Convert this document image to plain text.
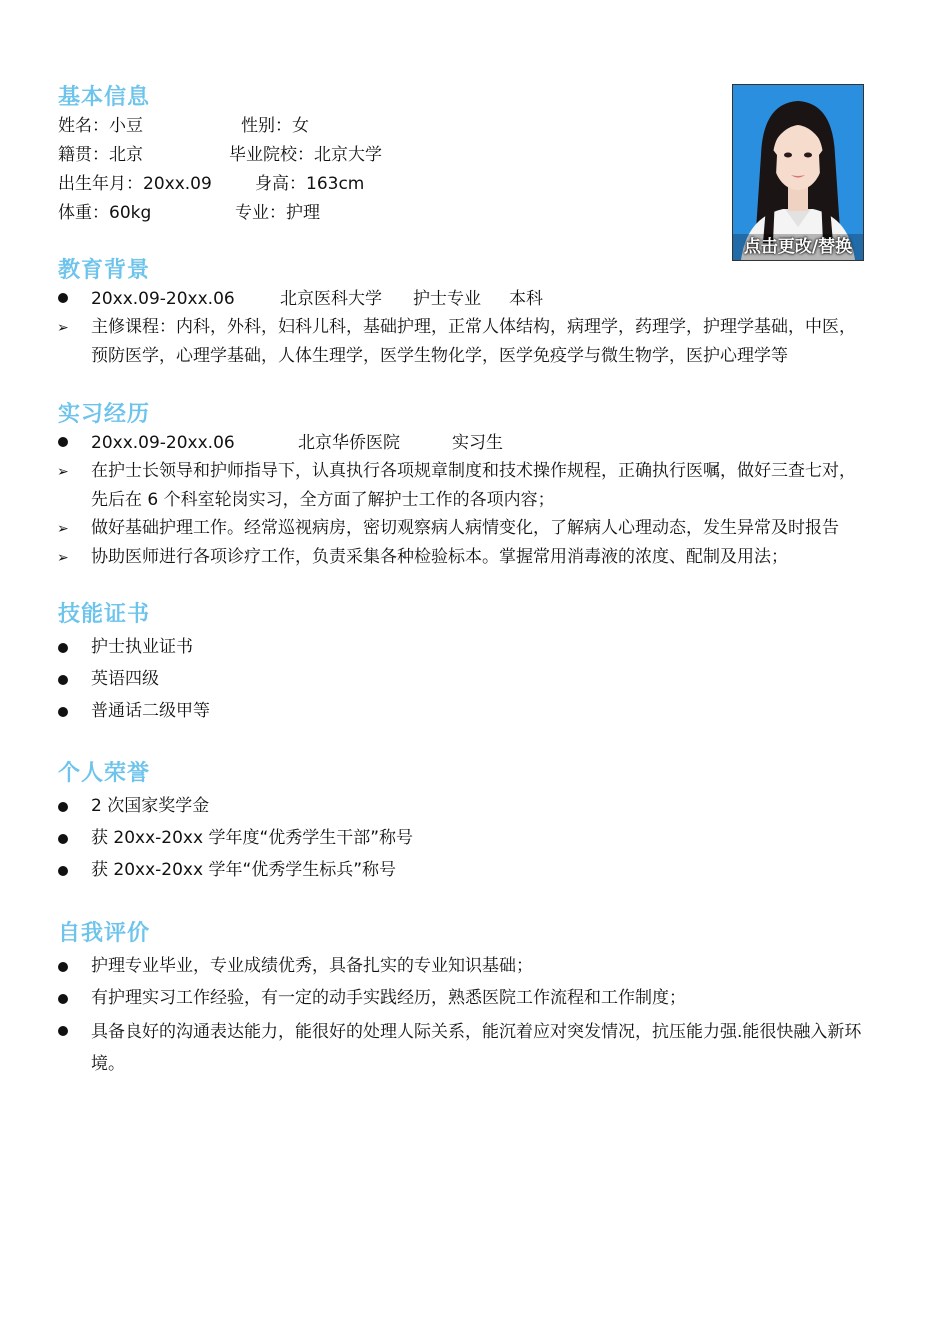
基本信息
姓名：小豆	性别：女
籍贯：北京	毕业院校：北京大学
出生年月：20xx.09	身高：163cm
体重：60kg	专业：护理
点击更改/替换
教育背景
20xx.09-20xx.06	北京医科大学 护士专业 本科
➢ 主修课程：内科，外科，妇科儿科，基础护理，正常人体结构，病理学，药理学，护理学基础，中医，
预防医学，心理学基础，人体生理学，医学生物化学，医学免疫学与微生物学，医护心理学等
实习经历
20xx.09-20xx.06	北京华侨医院	实习生
➢ 在护士长领导和护师指导下，认真执行各项规章制度和技术操作规程，正确执行医嘱，做好三查七对，
先后在 6 个科室轮岗实习，全方面了解护士工作的各项内容；
➢ 做好基础护理工作。经常巡视病房，密切观察病人病情变化，了解病人心理动态，发生异常及时报告
➢ 协助医师进行各项诊疗工作，负责采集各种检验标本。掌握常用消毒液的浓度、配制及用法；
技能证书
护士执业证书
英语四级
普通话二级甲等
个人荣誉
2 次国家奖学金
获 20xx-20xx 学年度“优秀学生干部”称号
获 20xx-20xx 学年“优秀学生标兵”称号
自我评价
护理专业毕业，专业成绩优秀，具备扎实的专业知识基础；
有护理实习工作经验，有一定的动手实践经历，熟悉医院工作流程和工作制度；
具备良好的沟通表达能力，能很好的处理人际关系，能沉着应对突发情况，抗压能力强.能很快融入新环
境。
